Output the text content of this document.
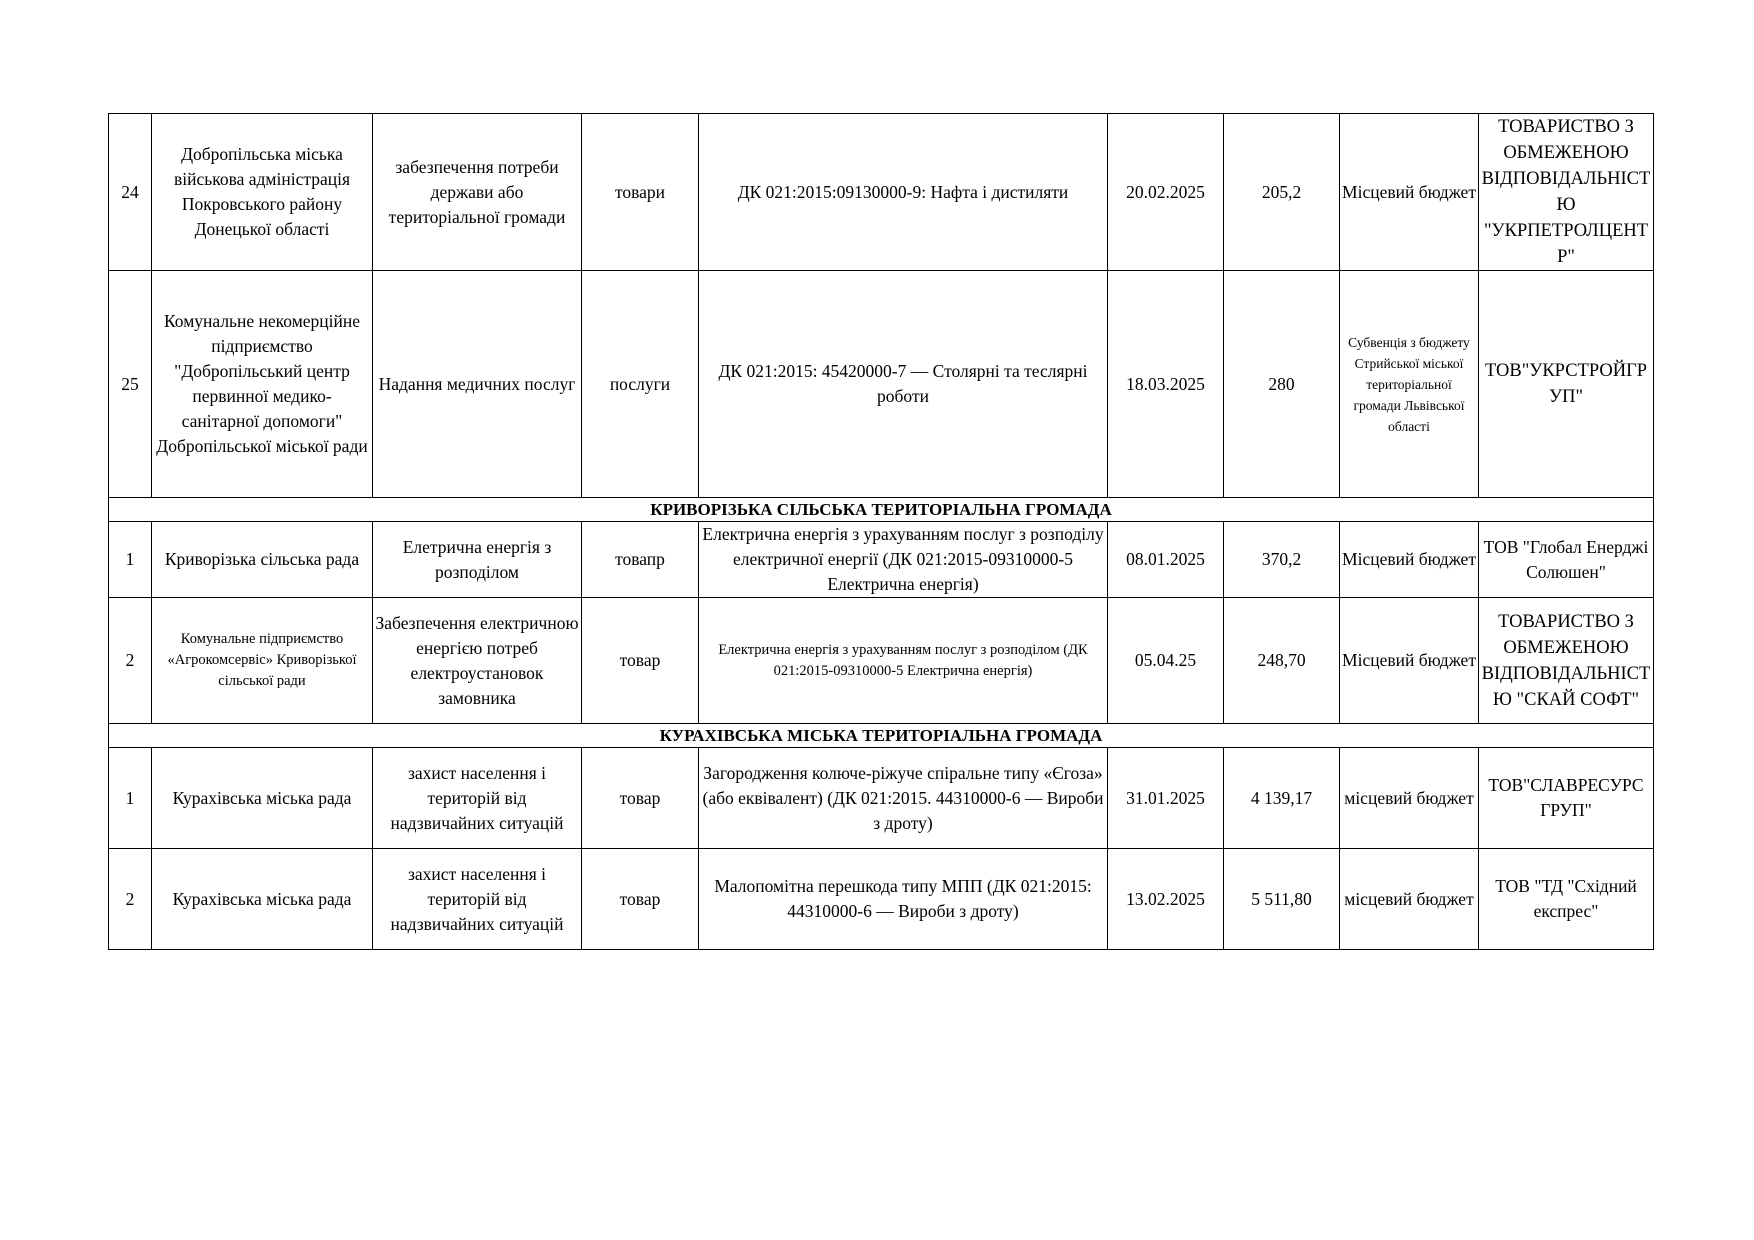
24	Добропільська міська військова адміністрація Покровського району Донецької області	забезпечення потреби держави або територіальної громади	товари	ДК 021:2015:09130000-9: Нафта і дистиляти	20.02.2025	205,2	Місцевий бюджет	ТОВАРИСТВО З ОБМЕЖЕНОЮ ВІДПОВІДАЛЬНІСТЮ "УКРПЕТРОЛЦЕНТР"
25	Комунальне некомерційне підприємство "Добропільський центр первинної медико-санітарної допомоги" Добропільської міської ради	Надання медичних послуг	послуги	ДК 021:2015: 45420000-7 — Столярні та теслярні роботи	18.03.2025	280	Субвенція з бюджету Стрийської міської територіальної громади Львівської області	ТОВ"УКРСТРОЙГРУП"
КРИВОРІЗЬКА СІЛЬСЬКА ТЕРИТОРІАЛЬНА ГРОМАДА								
1	Криворізька сільська рада	Елетрична енергія з розподілом	товапр	Електрична енергія з урахуванням послуг з розподілу електричної енергії (ДК 021:2015-09310000-5 Електрична енергія)	08.01.2025	370,2	Місцевий бюджет	ТОВ "Глобал Енерджі Солюшен"
2	Комунальне підприємство «Агрокомсервіс» Криворізької сільської ради	Забезпечення електричною енергією потреб електроустановок замовника	товар	Електрична енергія з урахуванням послуг з розподілом (ДК 021:2015-09310000-5 Електрична енергія)	05.04.25	248,70	Місцевий бюджет	ТОВАРИСТВО З ОБМЕЖЕНОЮ ВІДПОВІДАЛЬНІСТЮ "СКАЙ СОФТ"
КУРАХІВСЬКА МІСЬКА ТЕРИТОРІАЛЬНА ГРОМАДА								
1	Курахівська міська рада	захист населення і територій від надзвичайних ситуацій	товар	Загородження колюче-ріжуче спіральне типу «Єгоза» (або еквівалент) (ДК 021:2015. 44310000-6 — Вироби з дроту)	31.01.2025	4 139,17	місцевий бюджет	ТОВ"СЛАВРЕСУРС ГРУП"
2	Курахівська міська рада	захист населення і територій від надзвичайних ситуацій	товар	Малопомітна перешкода типу МПП (ДК 021:2015: 44310000-6 — Вироби з дроту)	13.02.2025	5 511,80	місцевий бюджет	ТОВ "ТД "Східний експрес"
